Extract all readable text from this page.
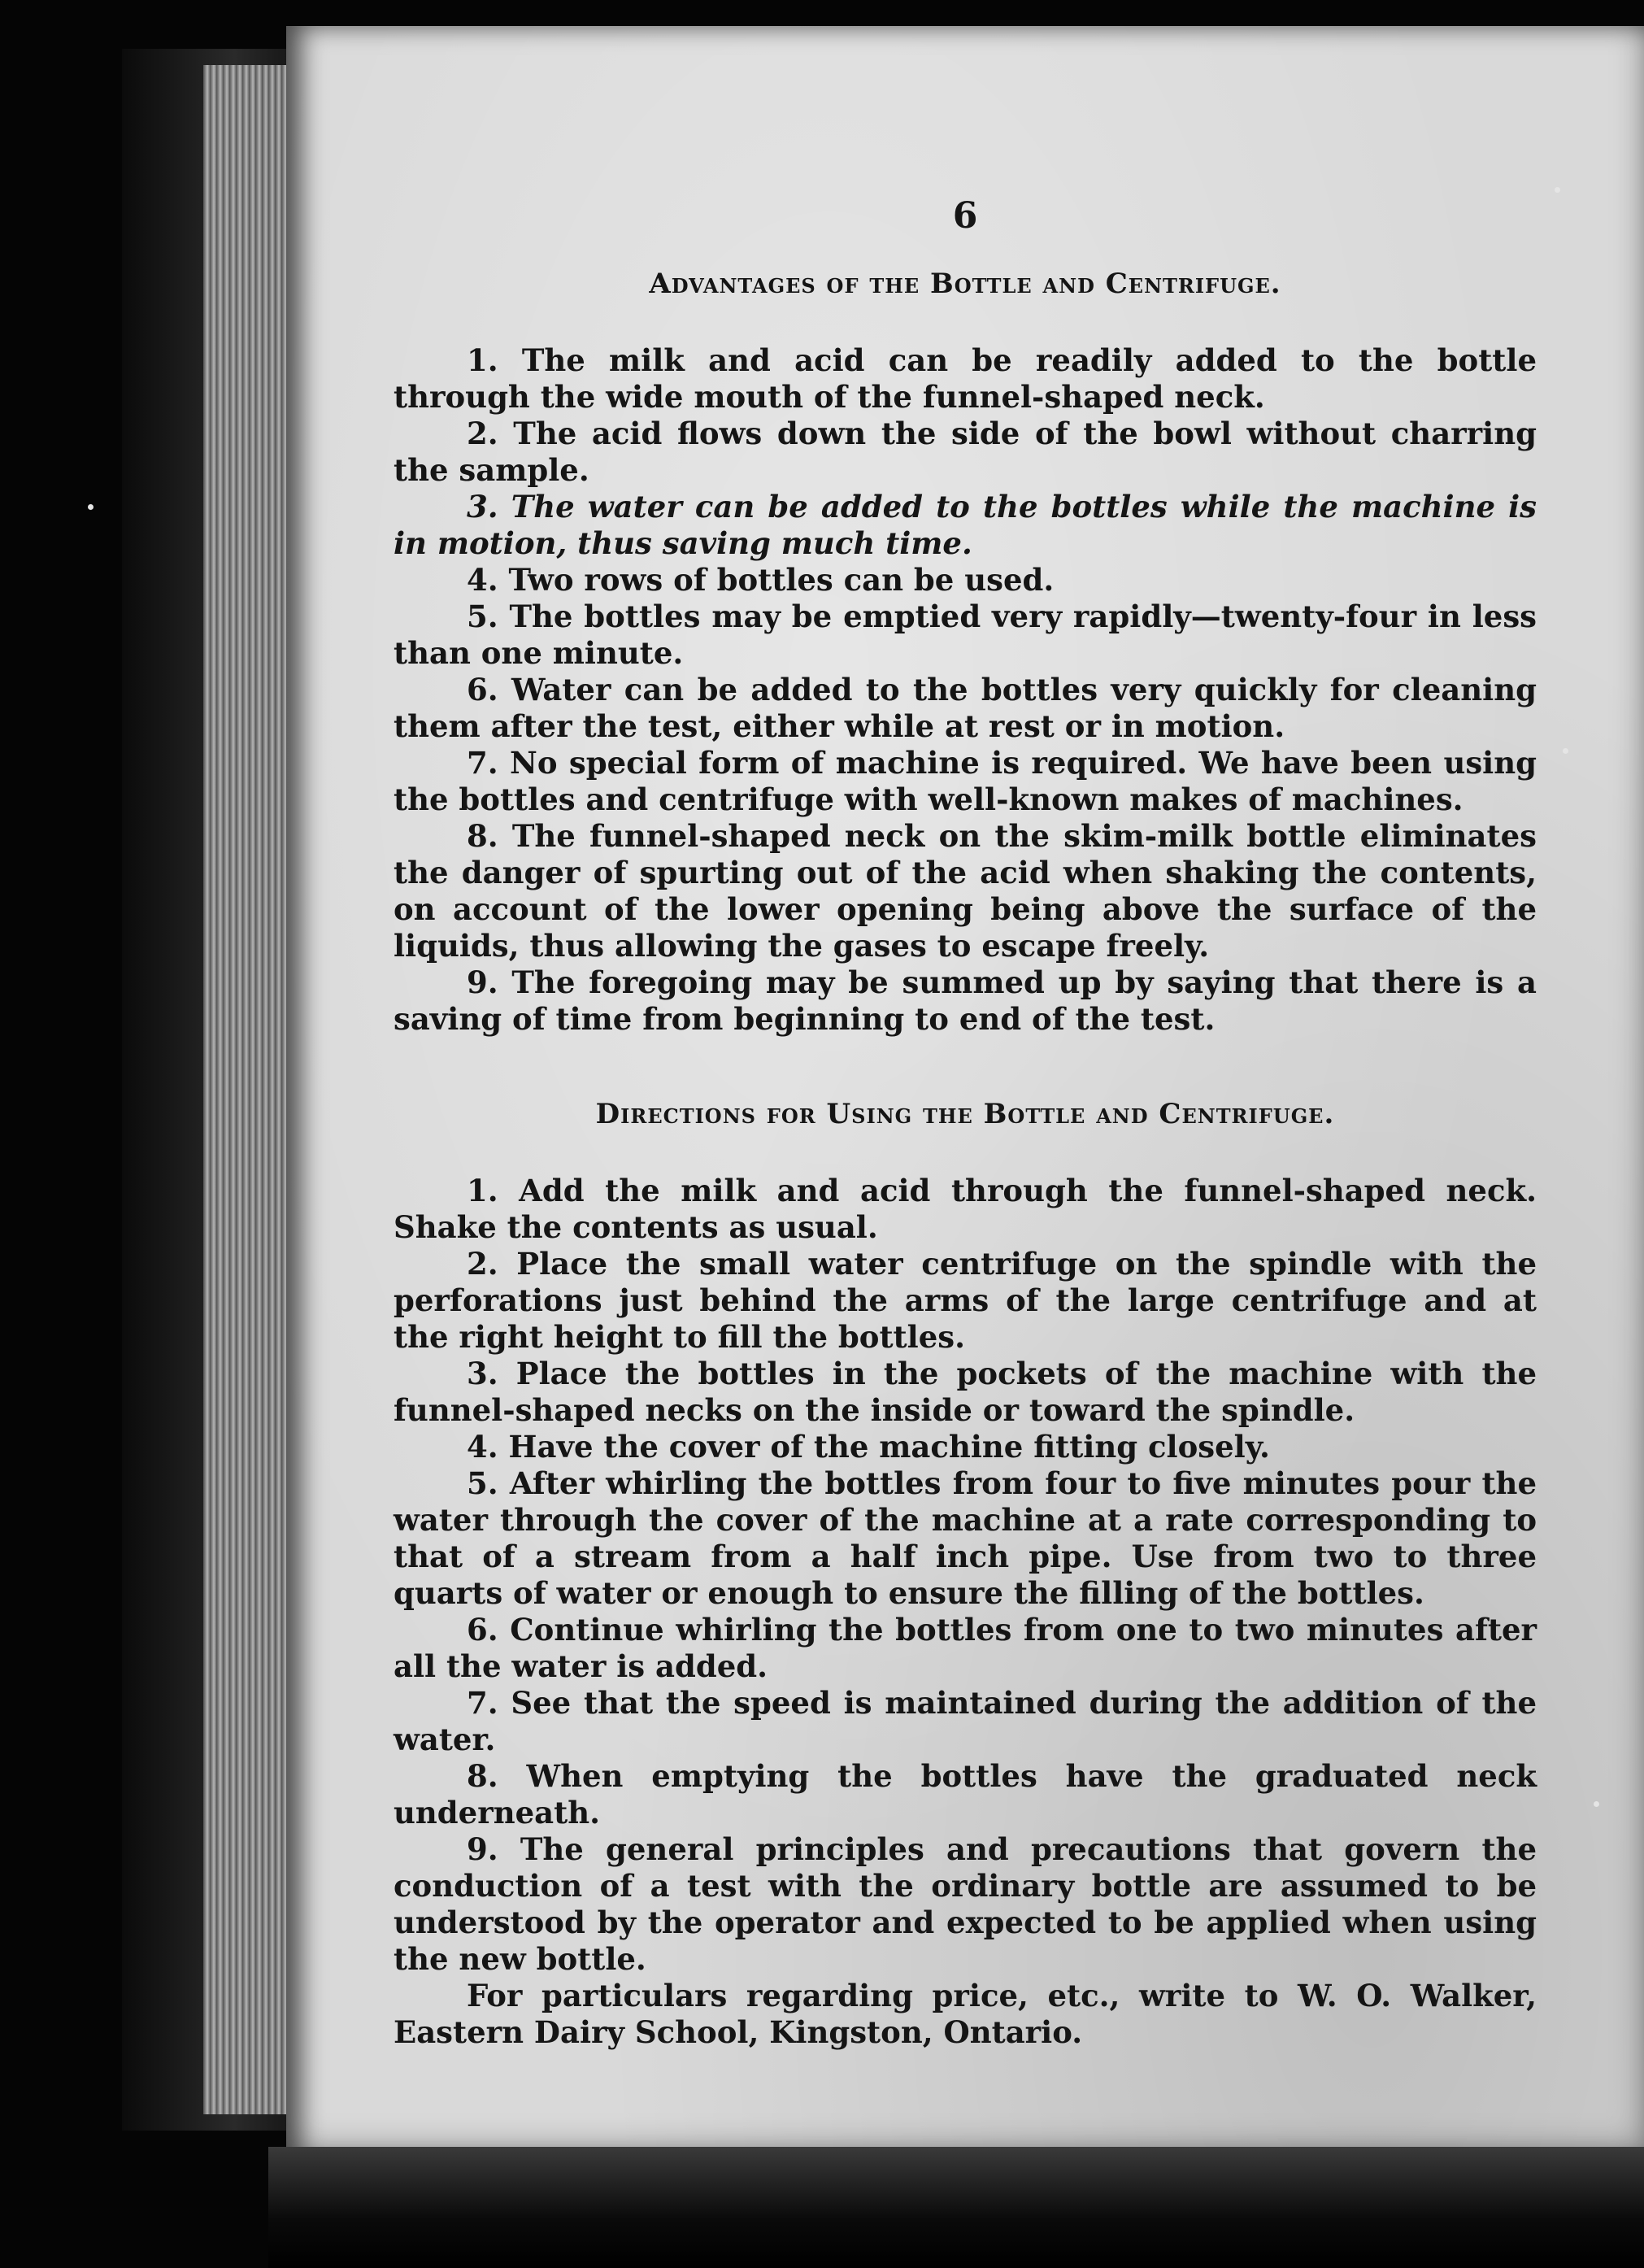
6
Advantages of the Bottle and Centrifuge.

1. The milk and acid can be readily added to the bottle through the wide mouth of the funnel-shaped neck.

2. The acid flows down the side of the bowl without charring the sample.

3. The water can be added to the bottles while the machine is in motion, thus saving much time.

4. Two rows of bottles can be used.

5. The bottles may be emptied very rapidly—twenty-four in less than one minute.

6. Water can be added to the bottles very quickly for cleaning them after the test, either while at rest or in motion.

7. No special form of machine is required. We have been using the bottles and centrifuge with well-known makes of machines.

8. The funnel-shaped neck on the skim-milk bottle eliminates the danger of spurting out of the acid when shaking the contents, on account of the lower opening being above the surface of the liquids, thus allowing the gases to escape freely.

9. The foregoing may be summed up by saying that there is a saving of time from beginning to end of the test.

Directions for Using the Bottle and Centrifuge.

1. Add the milk and acid through the funnel-shaped neck. Shake the contents as usual.

2. Place the small water centrifuge on the spindle with the perforations just behind the arms of the large centrifuge and at the right height to fill the bottles.

3. Place the bottles in the pockets of the machine with the funnel-shaped necks on the inside or toward the spindle.

4. Have the cover of the machine fitting closely.

5. After whirling the bottles from four to five minutes pour the water through the cover of the machine at a rate corresponding to that of a stream from a half inch pipe. Use from two to three quarts of water or enough to ensure the filling of the bottles.

6. Continue whirling the bottles from one to two minutes after all the water is added.

7. See that the speed is maintained during the addition of the water.

8. When emptying the bottles have the graduated neck underneath.

9. The general principles and precautions that govern the conduction of a test with the ordinary bottle are assumed to be understood by the operator and expected to be applied when using the new bottle.

For particulars regarding price, etc., write to W. O. Walker, Eastern Dairy School, Kingston, Ontario.
